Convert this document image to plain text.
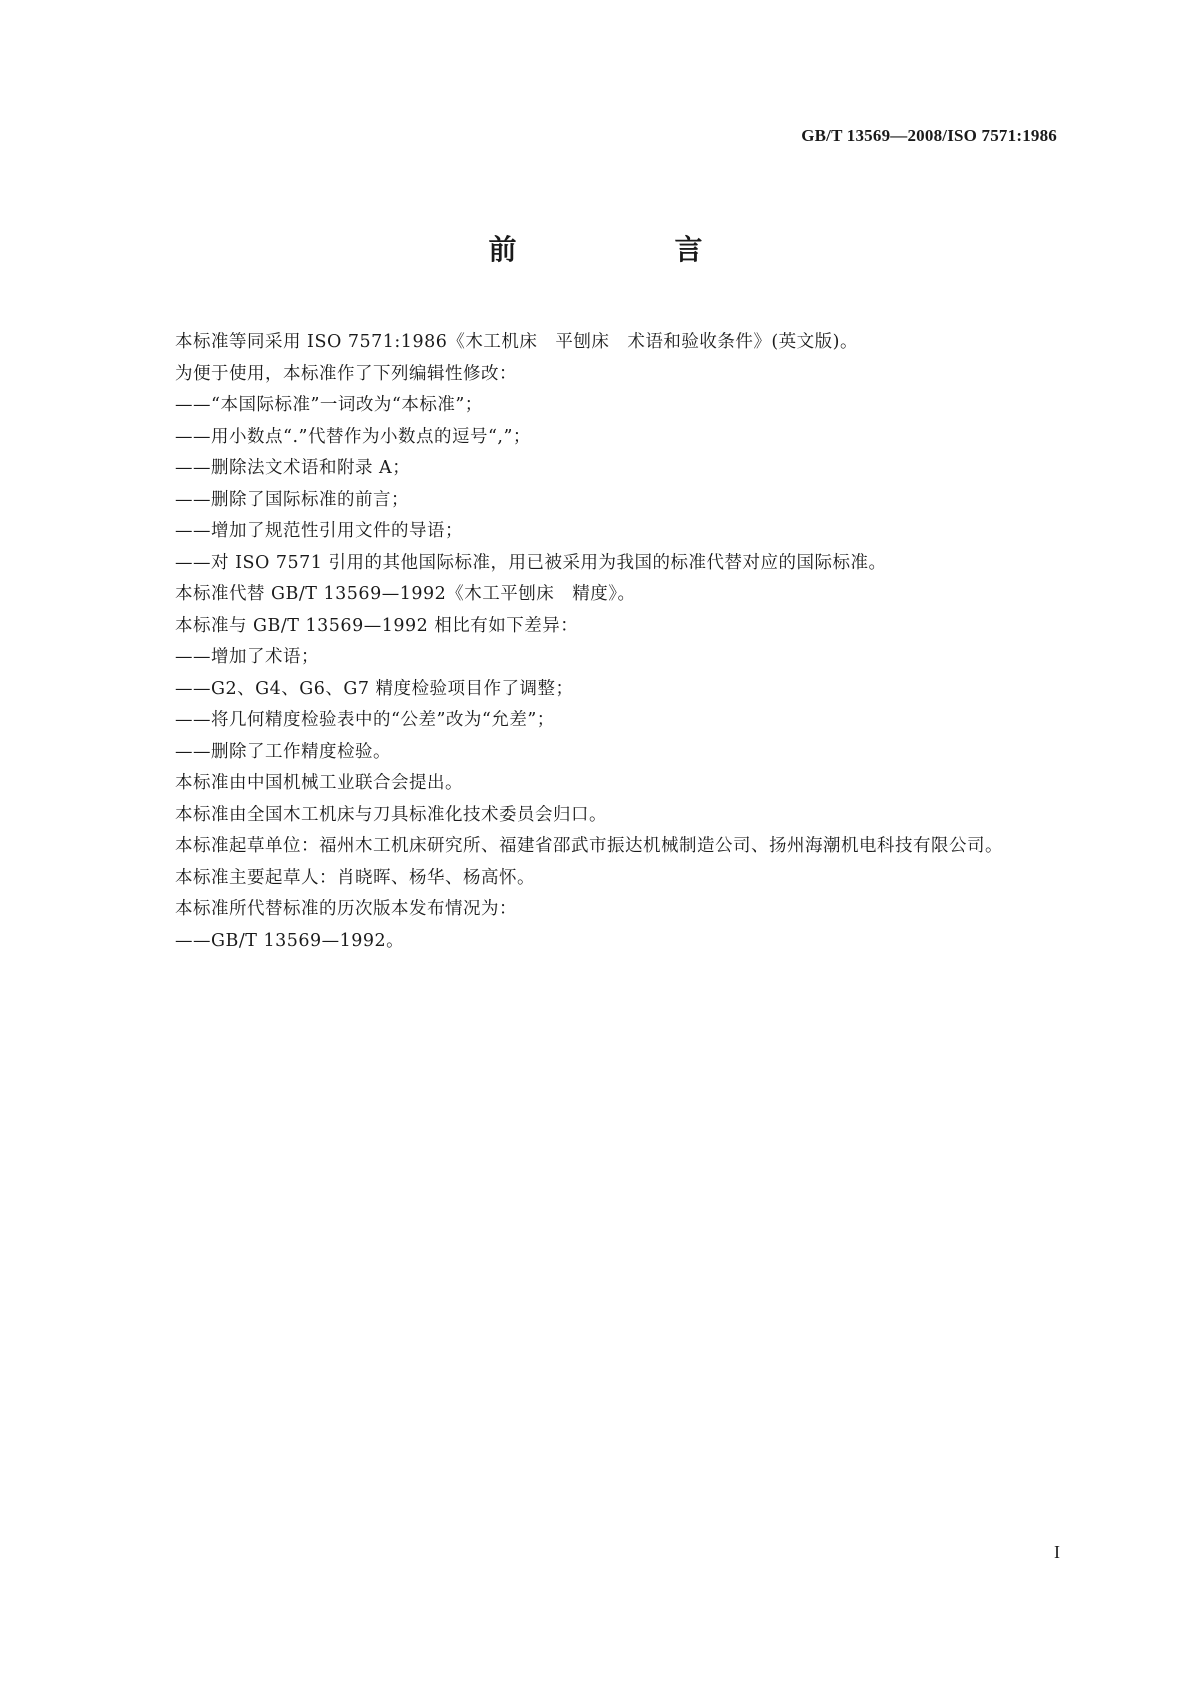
GB/T 13569—2008/ISO 7571:1986
前　　言

本标准等同采用 ISO 7571:1986《木工机床　平刨床　术语和验收条件》(英文版)。

为便于使用，本标准作了下列编辑性修改：

——“本国际标准”一词改为“本标准”；

——用小数点“.”代替作为小数点的逗号“,”；

——删除法文术语和附录 A；

——删除了国际标准的前言；

——增加了规范性引用文件的导语；

——对 ISO 7571 引用的其他国际标准，用已被采用为我国的标准代替对应的国际标准。

本标准代替 GB/T 13569—1992《木工平刨床　精度》。

本标准与 GB/T 13569—1992 相比有如下差异：

——增加了术语；

——G2、G4、G6、G7 精度检验项目作了调整；

——将几何精度检验表中的“公差”改为“允差”；

——删除了工作精度检验。

本标准由中国机械工业联合会提出。

本标准由全国木工机床与刀具标准化技术委员会归口。

本标准起草单位：福州木工机床研究所、福建省邵武市振达机械制造公司、扬州海潮机电科技有限公司。

本标准主要起草人：肖晓晖、杨华、杨高怀。

本标准所代替标准的历次版本发布情况为：

——GB/T 13569—1992。

I
